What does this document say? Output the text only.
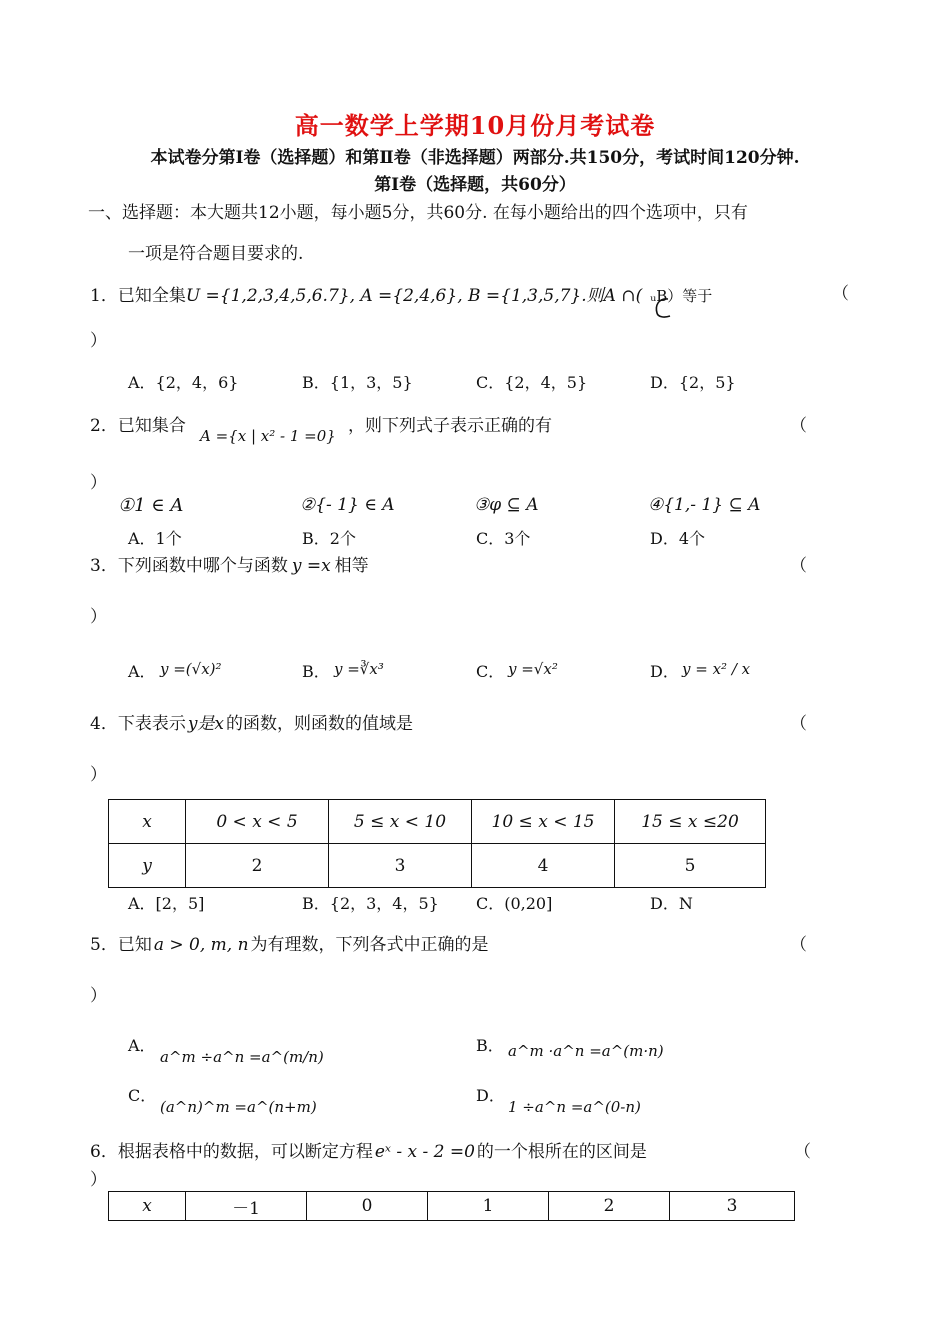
高一数学上学期10月份月考试卷
本试卷分第Ⅰ卷（选择题）和第Ⅱ卷（非选择题）两部分.共150分，考试时间120分钟.
第Ⅰ卷（选择题，共60分）
一、选择题：本大题共12小题，每小题5分，共60分. 在每小题给出的四个选项中，只有
一项是符合题目要求的.
1．已知全集U ={1,2,3,4,5,6.7}, A ={2,4,6}, B ={1,3,5,7}.则A ∩( ᵤB）等于	（
）
A．{2，4，6}	B．{1，3，5}	C．{2，4，5}	D．{2，5}
2．已知集合 A ={x | x² - 1 =0} ，则下列式子表示正确的有	（
）
①1 ∈ A	②{- 1} ∈ A	③φ ⊆ A	④{1,- 1} ⊆ A
A．1个	B．2个	C．3个	D．4个
3．下列函数中哪个与函数 y =x 相等	（
）
A． y =(√x)²	B． y =∛x³	C． y =√x²	D． y = x² / x
4．下表表示 y是x 的函数，则函数的值域是	（
）
x	0 < x < 5	5 ≤ x < 10	10 ≤ x < 15	15 ≤ x ≤20
y	2	3	4	5
A．[2，5]	B．{2，3，4，5} C．(0,20]	D．N
5．已知 a > 0, m, n 为有理数，下列各式中正确的是	（
）
A．
a^m ÷a^n =a^(m/n)
B． a^m ·a^n =a^(m·n)
C．
(a^n)^m =a^(n+m)
D．
1 ÷a^n =a^(0-n)
6．根据表格中的数据，可以断定方程 eˣ - x - 2 =0 的一个根所在的区间是	（
）
x	－1	0	1	2	3
